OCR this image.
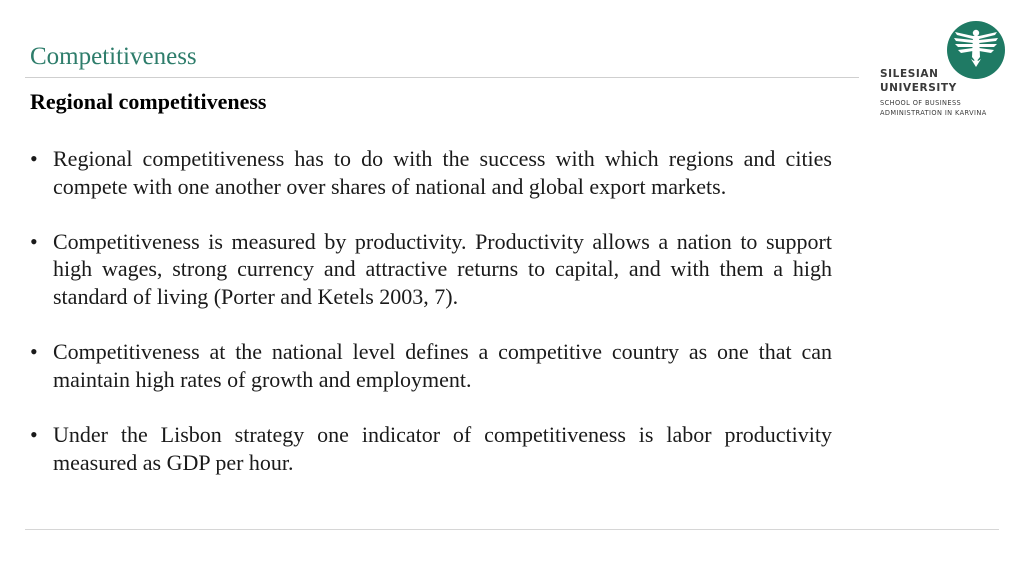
Competitiveness
Regional competitiveness
• Regional competitiveness has to do with the success with which regions and cities compete with one another over shares of national and global export markets.
• Competitiveness is measured by productivity. Productivity allows a nation to support high wages, strong currency and attractive returns to capital, and with them a high standard of living (Porter and Ketels 2003, 7).
• Competitiveness at the national level defines a competitive country as one that can maintain high rates of growth and employment.
• Under the Lisbon strategy one indicator of competitiveness is labor productivity measured as GDP per hour.
SILESIAN
UNIVERSITY
SCHOOL OF BUSINESS
ADMINISTRATION IN KARVINA
